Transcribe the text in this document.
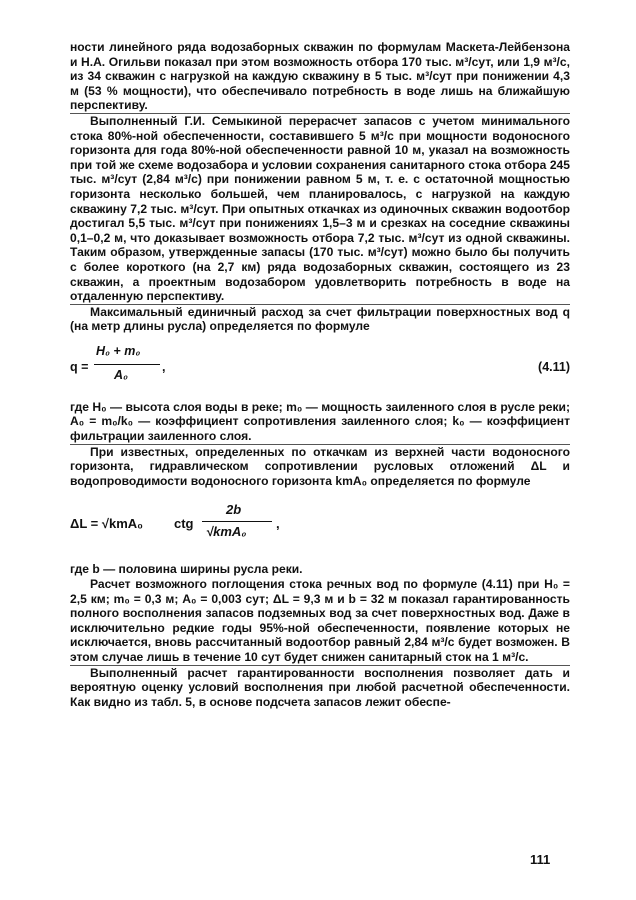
ности линейного ряда водозаборных скважин по формулам Маскета-Лейбензона и Н.А. Огильви показал при этом возможность отбора 170 тыс. м³/сут, или 1,9 м³/с, из 34 скважин с нагрузкой на каждую скважину в 5 тыс. м³/сут при понижении 4,3 м (53 % мощности), что обеспечивало потребность в воде лишь на ближайшую перспективу.

Выполненный Г.И. Семыкиной перерасчет запасов с учетом минимального стока 80%-ной обеспеченности, составившего 5 м³/с при мощности водоносного горизонта для года 80%-ной обеспеченности равной 10 м, указал на возможность при той же схеме водозабора и условии сохранения санитарного стока отбора 245 тыс. м³/сут (2,84 м³/с) при понижении равном 5 м, т. е. с остаточной мощностью горизонта несколько большей, чем планировалось, с нагрузкой на каждую скважину 7,2 тыс. м³/сут. При опытных откачках из одиночных скважин водоотбор достигал 5,5 тыс. м³/сут при понижениях 1,5–3 м и срезках на соседние скважины 0,1–0,2 м, что доказывает возможность отбора 7,2 тыс. м³/сут из одной скважины. Таким образом, утвержденные запасы (170 тыс. м³/сут) можно было бы получить с более короткого (на 2,7 км) ряда водозаборных скважин, состоящего из 23 скважин, а проектным водозабором удовлетворить потребность в воде на отдаленную перспективу.

Максимальный единичный расход за счет фильтрации поверхностных вод q (на метр длины русла) определяется по формуле

q =
H₀ + m₀
A₀
,	(4.11)

где H₀ — высота слоя воды в реке; m₀ — мощность заиленного слоя в русле реки; A₀ = m₀/k₀ — коэффициент сопротивления заиленного слоя; k₀ — коэффициент фильтрации заиленного слоя.

При известных, определенных по откачкам из верхней части водоносного горизонта, гидравлическом сопротивлении русловых отложений ΔL и водопроводимости водоносного горизонта kmA₀ определяется по формуле

ΔL = √kmA₀ ctg
2b
√kmA₀
,

где b — половина ширины русла реки.

Расчет возможного поглощения стока речных вод по формуле (4.11) при H₀ = 2,5 км; m₀ = 0,3 м; A₀ = 0,003 сут; ΔL = 9,3 м и b = 32 м показал гарантированность полного восполнения запасов подземных вод за счет поверхностных вод. Даже в исключительно редкие годы 95%-ной обеспеченности, появление которых не исключается, вновь рассчитанный водоотбор равный 2,84 м³/с будет возможен. В этом случае лишь в течение 10 сут будет снижен санитарный сток на 1 м³/с.

Выполненный расчет гарантированности восполнения позволяет дать и вероятную оценку условий восполнения при любой расчетной обеспеченности. Как видно из табл. 5, в основе подсчета запасов лежит обеспе-

111
